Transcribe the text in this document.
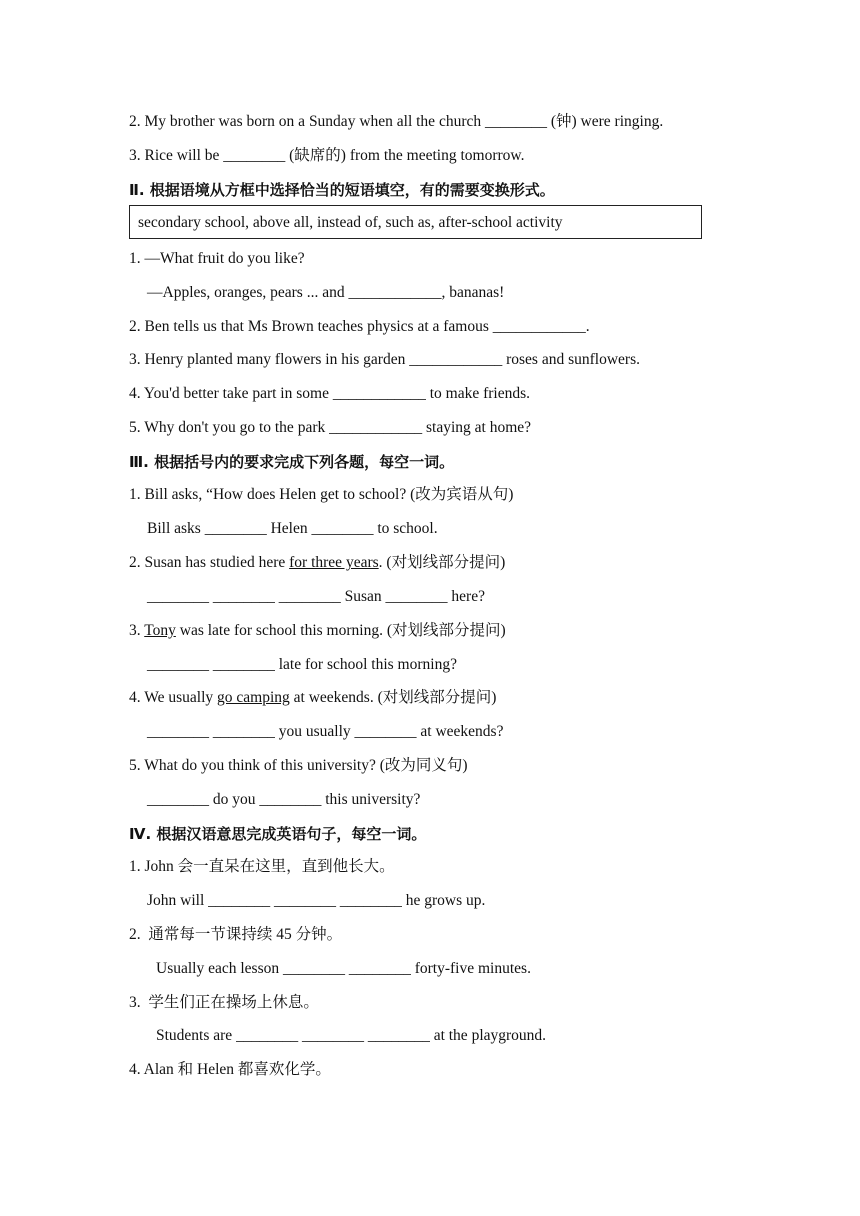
2. My brother was born on a Sunday when all the church ________ (钟) were ringing.
3. Rice will be ________ (缺席的) from the meeting tomorrow.
Ⅱ. 根据语境从方框中选择恰当的短语填空，有的需要变换形式。
secondary school, above all, instead of, such as, after-school activity
1. —What fruit do you like?
—Apples, oranges, pears ... and ____________, bananas!
2. Ben tells us that Ms Brown teaches physics at a famous ____________.
3. Henry planted many flowers in his garden ____________ roses and sunflowers.
4. You'd better take part in some ____________ to make friends.
5. Why don't you go to the park ____________ staying at home?
Ⅲ. 根据括号内的要求完成下列各题，每空一词。
1. Bill asks, “How does Helen get to school? (改为宾语从句)
Bill asks ________ Helen ________ to school.
2. Susan has studied here for three years. (对划线部分提问)
________ ________ ________ Susan ________ here?
3. Tony was late for school this morning. (对划线部分提问)
________ ________ late for school this morning?
4. We usually go camping at weekends. (对划线部分提问)
________ ________ you usually ________ at weekends?
5. What do you think of this university? (改为同义句)
________ do you ________ this university?
Ⅳ. 根据汉语意思完成英语句子，每空一词。
1. John 会一直呆在这里，直到他长大。
John will ________ ________ ________ he grows up.
2.  通常每一节课持续 45 分钟。
Usually each lesson ________ ________ forty-five minutes.
3.  学生们正在操场上休息。
Students are ________ ________ ________ at the playground.
4. Alan 和 Helen 都喜欢化学。
